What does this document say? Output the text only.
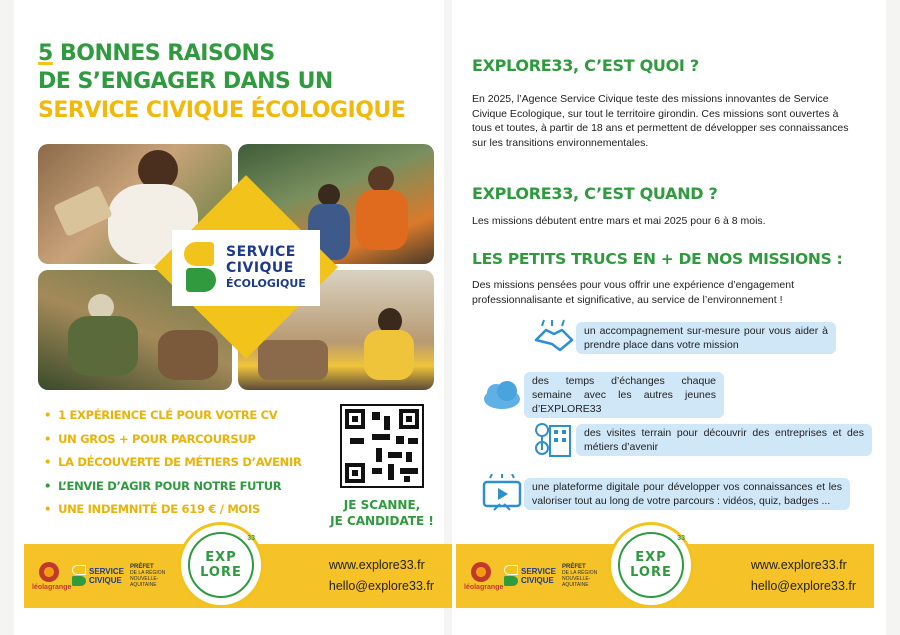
5 BONNES RAISONS
DE S’ENGAGER DANS UN
SERVICE CIVIQUE ÉCOLOGIQUE
SERVICE
CIVIQUE
ÉCOLOGIQUE
• 1 EXPÉRIENCE CLÉ POUR VOTRE CV
• UN GROS + POUR PARCOURSUP
• LA DÉCOUVERTE DE MÉTIERS D’AVENIR
• L’ENVIE D’AGIR POUR NOTRE FUTUR
• UNE INDEMNITÉ DE 619 € / MOIS	JE SCANNE,
JE CANDIDATE !
léolagrange
SERVICE
CIVIQUE
PRÉFET
DE LA RÉGION NOUVELLE-AQUITAINE
EXP
LORE
33
www.explore33.fr
hello@explore33.fr
EXPLORE33, C’EST QUOI ?
En 2025, l’Agence Service Civique teste des missions innovantes de Service Civique Ecologique, sur tout le territoire girondin. Ces missions sont ouvertes à tous et toutes, à partir de 18 ans et permettent de développer ses connaissances sur les transitions environnementales.
EXPLORE33, C’EST QUAND ?
Les missions débutent entre mars et mai 2025 pour 6 à 8 mois.
LES PETITS TRUCS EN + DE NOS MISSIONS :
Des missions pensées pour vous offrir une expérience d’engagement professionnalisante et significative, au service de l’environnement !
un accompagnement sur-mesure pour vous aider à prendre place dans votre mission
des temps d’échanges chaque semaine avec les autres jeunes d’EXPLORE33
des visites terrain pour découvrir des entreprises et des métiers d’avenir
une plateforme digitale pour développer vos connaissances et les valoriser tout au long de votre parcours : vidéos, quiz, badges ...
léolagrange
SERVICE
CIVIQUE
PRÉFET
DE LA RÉGION NOUVELLE-AQUITAINE
EXP
LORE
33
www.explore33.fr
hello@explore33.fr
